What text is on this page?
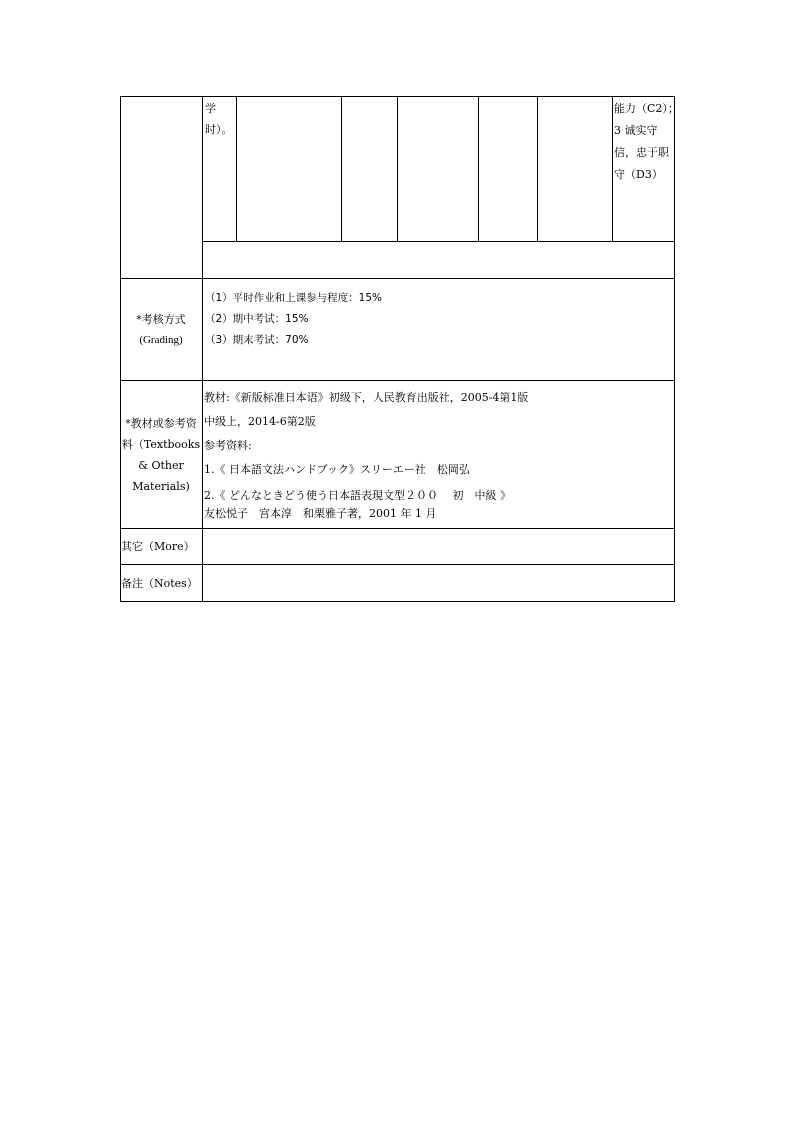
学
时）。
能力（C2）；
3 诚实守
信，忠于职
守（D3）
*考核方式
(Grading)
（1）平时作业和上课参与程度：15%
（2）期中考试：15%
（3）期末考试：70%
*教材或参考资
料（Textbooks
& Other
Materials)
教材:《新版标准日本语》初级下，人民教育出版社，2005-4第1版
中级上，2014-6第2版
参考资料:
1.《 日本語文法ハンドブック》スリーエー社　松岡弘
2.《 どんなときどう使う日本語表現文型２００　 初　中級 》
友松悦子　宫本淳　和栗雅子著，2001 年 1 月
其它（More）
备注（Notes）
